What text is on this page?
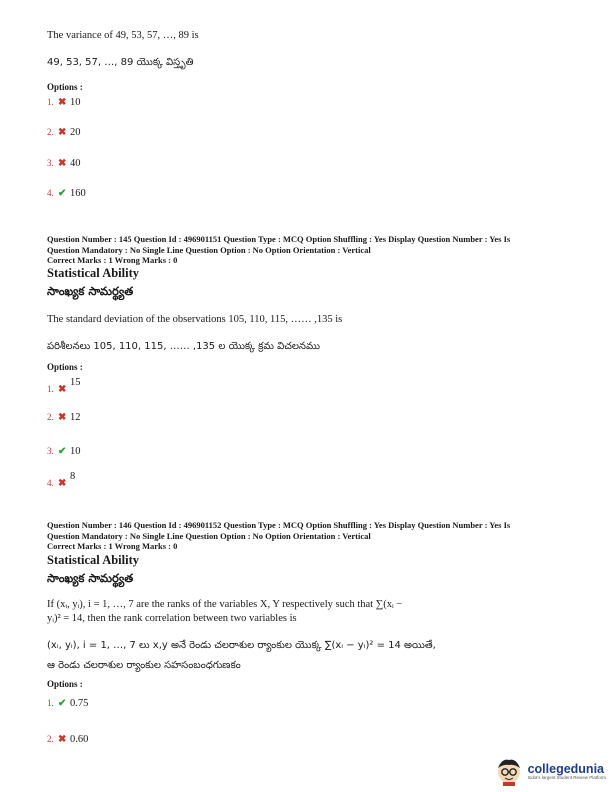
The variance of 49, 53, 57, …, 89 is
49, 53, 57, …, 89 యొక్క విస్తృతి
Options :
1. ✖ 10
2. ✖ 20
3. ✖ 40
4. ✔ 160
Question Number : 145 Question Id : 496901151 Question Type : MCQ Option Shuffling : Yes Display Question Number : Yes Is
Question Mandatory : No Single Line Question Option : No Option Orientation : Vertical
Correct Marks : 1 Wrong Marks : 0
Statistical Ability
సాంఖ్యక సామర్థ్యత
The standard deviation of the observations 105, 110, 115, …… ,135 is
పరిశీలనలు 105, 110, 115, …… ,135 ల యొక్క క్రమ విచలనము
Options :
1. ✖15
2. ✖ 12
3. ✔ 10
4. ✖8
Question Number : 146 Question Id : 496901152 Question Type : MCQ Option Shuffling : Yes Display Question Number : Yes Is
Question Mandatory : No Single Line Question Option : No Option Orientation : Vertical
Correct Marks : 1 Wrong Marks : 0
Statistical Ability
సాంఖ్యక సామర్థ్యత
If (xᵢ, yᵢ), i = 1, …, 7 are the ranks of the variables X, Y respectively such that ∑(xᵢ −
yᵢ)² = 14, then the rank correlation between two variables is
(xᵢ, yᵢ), i = 1, …, 7 లు x,y అనే రెండు చలరాశుల ర్యాంకుల యొక్క ∑(xᵢ − yᵢ)² = 14 అయితే,
ఆ రెండు చలరాశుల ర్యాంకుల సహసంబంధగుణకం
Options :
1. ✔ 0.75
2. ✖ 0.60
collegedunia
India's largest Student Review Platform
